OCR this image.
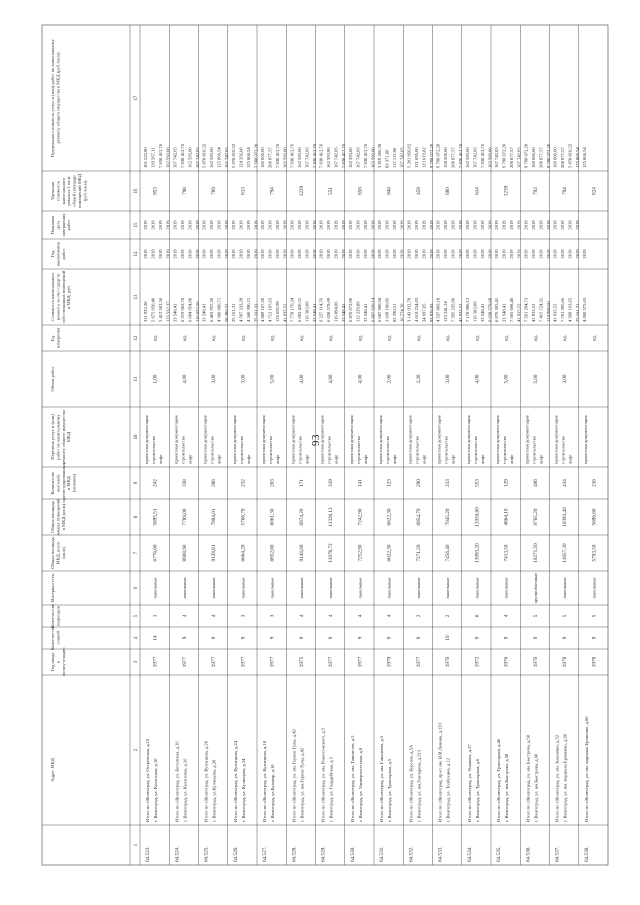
93
Адрес МКД
Год вводавэксплу-атацию
Коли-чествоэтажей
Коли-чествоподъездов
Материал стен
Общая площадьМКД, всего(кв.м)
Общая площадьжилых помещенийв МКД (кв.м)
Количествожителей,зарегистрированныхв МКД(человек)
Перечень услуг и (или)работ по капитальномуремонту общего имуществаМКД
Объем работ
Ед.измерения
Стоимость капитальногоремонта за счет средствсобственников помещенийв МКД, руб.
Годвыполненияработ
Плановаядатазавершенияработ
Удельнаястоимостькапитальногоремонта 1 кв.мобщей площадипомещений МКД(руб./кв.м)
Предельная стоимость услуг и (или) работ по капитальномуремонту общего имущества в МКД (руб./кв.м)
1
2
3
4
5
6
7
8
9
10
11
12
13
14
15
16
17
64.523.
Итого по г.Волгоград, ул. Островская, д.10 г. Волгоград, ул. Колхозная, д.10
1977
14
1
панельные
6776,60
5695,51
242
проектная документация строительство лифт
1,00
ед.
311 932,38 5 675 050,40 5 412 502,50 113 532,37
2019 2019 2019 2019
2019 2019 2019 2019
953
101 522,80 139 567,11 7 838 412,76 162 593,00
64.524.
Итого по г.Волгоград, ул. Богунская, д.16 г. Волгоград, ул. Колхозная, д.16
1977
9
4
панельные
8968,90
7789,00
338
проектная документация строительство лифт
4,00
ед.
33 548,41 6 219 062,70 6 094 954,00 110 653,56
2019 2019 2019 2019
2019 2019 2019 2019
798
167 742,05 7 838 412,76 162 593,00 167 742,05
64.525.
Итого по г.Волгоград, ул. Кузнецова, д.20 г. Волгоград, ул.Кузнецова, д.20
1977
9
4
панельные
9128,81
7904,01
286
проектная документация строительство лифт
3,00
ед.
33 548,41 6 463 937,20 4 580 690,71 58 386,52
2019 2019 2019 2019
2019 2019 2019 2019
789
5 878 810,32 162 593,00 125 806,54 167 742,05
64.526.
Итого по г.Волгоград, ул. Кузнецова, д.24 г. Волгоград, ул. Кузнецова, д.24
1977
9
3
панельные
6664,20
5766,70
232
проектная документация строительство лифт
3,00
ед.
25 161,31 4 507 333,28 4 560 390,21 25 161,31
2019 2019 2019 2019
2019 2019 2019 2019
813
5 878 810,32 124 356,00 125 806,54 7 598 072,20
64.527.
Итого по г.Волгоград, ул. Кузнецова, д.18 г. Волгоград, ул.Бульвар, д.18
1977
9
3
панельные
6852,60
6061,30
263
проектная документация строительство лифт
5,00
ед.
4 889 107,20 4 712 197,03 126 692,99 41 935,52
2019 2019 2019 2019
2019 2019 2019 2019
794
160 000,00 208 877,57 7 838 412,76 162 593,00
64.528.
Итого по г.Волгоград, ул. им. Героев Тулы, д.42 г. Волгоград, ул. им.Героев Тулы, д.42
1975
9
4
панельные
9146,80
6974,20
171
проектная документация строительство лифт
4,00
ед.
7 778 176,34 6 002 420,31 116 583,09 33 548,41
2019 2019 2019 2019
2019 2019 2019 2019
1229
7 838 412,76 162 593,00 167 742,05 7 838 412,76
64.529.
Итого по г.Волгоград, ул. им. Рокоссовского, д.5 г. Волгоград, ул. Гвардейская, д.5
1977
9
4
панельные
11978,72
11326,12
319
проектная документация строительство лифт
4,80
ед.
6 227 114,76 6 028 579,69 116 894,06 33 548,41
2019 2019 2019 2019
2019 2019 2019 2019
551
7 838 412,76 162 593,00 167 742,05 7 838 412,76
64.530.
Итого по г.Волгоград, ул. им. Танкистов, д.5 г. Волгоград, ул. Университетская, д.8
1977
9
4
панельные
7252,90
7242,90
141
проектная документация строительство лифт
4,00
ед.
6 870 072,90 112 229,89 33 548,41 6 007 620,14
2019 2019 2019 2019
2019 2019 2019 2019
858
162 593,00 167 742,05 7 838 412,76 162 593,00
64.531.
Итого по г.Волгоград, ул. им. Гамалеева, д.5 г. Волгоград, ул. Тракторная, д.5
1979
9
4
панельные
6622,30
6622,30
123
проектная документация строительство лифт
2,00
ед.
6 087 960,58 3 039 100,85 82 290,51 16 774,20
2019 2019 2019 2019
2019 2019 2019 2019
940
3 919 206,38 83 371,00 113 113,00 167 742,05
64.532.
Итого по г.Волгоград, ул. Бурсача, д.5А г. Волгоград, ул. им.Гончарова, д.213
1977
9
2
панельные
7271,20
6954,70
200
проектная документация строительство лифт
2,20
ед.
3 143 932,78 4 619 254,03 34 697,05 93 936,93
2019 2019 2019 2019
2019 2019 2019 2019
459
5 201 856,02 121 095,00 123 019,82 9 798 072,20
64.533.
Итого по г.Волгоград, пр-кт им. В.И.Ленина, д.133 г. Волгоград, ул. Толбухина, д.12
1976
10
2
панельные
7456,40
7045,20
213
проектная документация строительство лифт
3,00
ед.
4 537 869,18 123 241,24 7 395 235,96 41 935,52
2019 2019 2019 2019
2019 2019 2019 2019
680
9 798 072,20 158 500,00 208 877,57 7 838 412,76
64.534.
Итого по г.Волгоград, ул. Ушакова, д.37 г. Волгоград, ул. Тракторная, д.6
1972
9
6
панельные
13093,20
12030,60
553
проектная документация строительство лифт
4,00
ед.
7 178 986,12 116 583,09 33 548,41 6 028 579,69
2019 2019 2019 2019
2019 2019 2019 2019
614
162 593,00 167 742,05 7 838 412,76 162 593,00
64.535.
Итого по г.Волгоград, ул. Тракторная, д.46 г. Волгоград, ул. им.Быстрова, д.58
1976
9
4
панельные
7413,50
4864,10
129
проектная документация строительство лифт
5,00
ед.
6 070 305,41 33 548,41 7 565 608,46 41 935,52
2019 2019 2019 2019
2019 2019 2019 2019
1239
167 742,05 9 798 072,20 208 877,57 167 742,05
64.536.
Итого по г.Волгоград, ул. им. Быстрова, д.58 г. Волгоград, ул. им.Быстрова, д.60
1976
9
5
крупноблочные
10271,50
9765,20
406
проектная документация строительство лифт
5,00
ед.
7 561 294,73 41 935,52 7 415 724,31 124 986,00
2019 2019 2019 2019
2019 2019 2019 2019
792
9 798 072,20 160 000,00 208 877,57 9 798 072,20
64.537.
Итого по г.Волгоград, ул. им. Землячки, д.52 г. Волгоград, ул. им. маршала Еременко, д.60
1978
9
5
панельные
11657,30
10393,40
434
проектная документация строительство лифт
3,00
ед.
41 935,52 7 781 395,66 4 589 163,65 25 161,31
2019 2019 2019 2019
2019 2019 2019 2019
794
160 000,00 208 877,57 5 878 810,32 125 806,54
64.538.
Итого по г.Волгоград, ул. им. маршала Еременко, д.60
1978
9
5
панельные
5703,50
5696,60
216
проектная документация
ед.
4 000 575,63
2019
824
125 806,54
